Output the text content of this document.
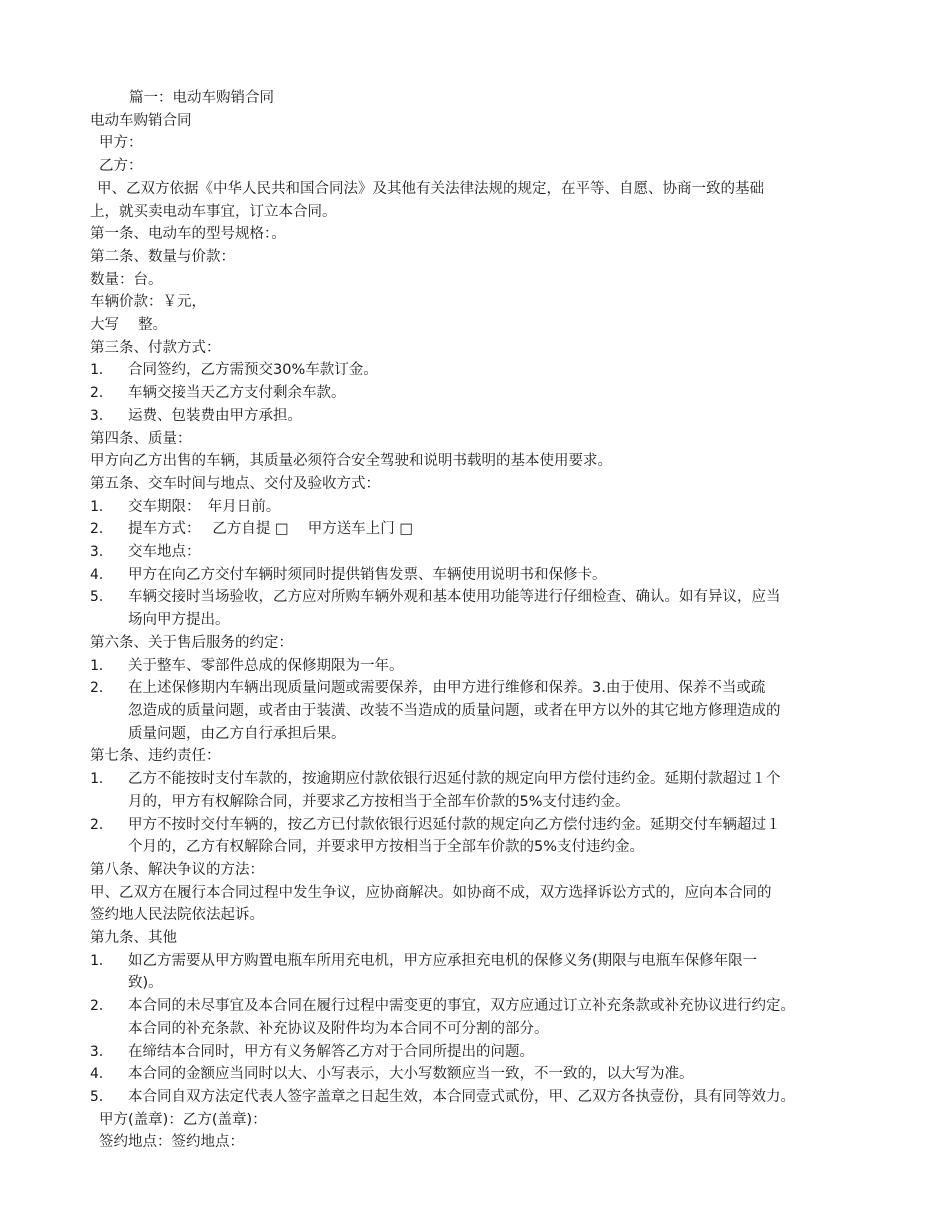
篇一：电动车购销合同
电动车购销合同
甲方：
乙方：
甲、乙双方依据《中华人民共和国合同法》及其他有关法律法规的规定，在平等、自愿、协商一致的基础
上，就买卖电动车事宜，订立本合同。
第一条、电动车的型号规格：。
第二条、数量与价款：
数量：台。
车辆价款：￥元，
大写　 整。
第三条、付款方式：
1．	合同签约，乙方需预交30%车款订金。
2．	车辆交接当天乙方支付剩余车款。
3．	运费、包装费由甲方承担。
第四条、质量：
甲方向乙方出售的车辆，其质量必须符合安全驾驶和说明书载明的基本使用要求。
第五条、交车时间与地点、交付及验收方式：
1．	交车期限：　年月日前。
2．	提车方式：　 乙方自提 □　 甲方送车上门 □
3．	交车地点：
4．	甲方在向乙方交付车辆时须同时提供销售发票、车辆使用说明书和保修卡。
5．	车辆交接时当场验收，乙方应对所购车辆外观和基本使用功能等进行仔细检查、确认。如有异议，应当
场向甲方提出。
第六条、关于售后服务的约定：
1．	关于整车、零部件总成的保修期限为一年。
2．	在上述保修期内车辆出现质量问题或需要保养，由甲方进行维修和保养。3.由于使用、保养不当或疏
忽造成的质量问题，或者由于装潢、改装不当造成的质量问题，或者在甲方以外的其它地方修理造成的
质量问题，由乙方自行承担后果。
第七条、违约责任：
1．	乙方不能按时支付车款的，按逾期应付款依银行迟延付款的规定向甲方偿付违约金。延期付款超过１个
月的，甲方有权解除合同，并要求乙方按相当于全部车价款的5%支付违约金。
2．	甲方不按时交付车辆的，按乙方已付款依银行迟延付款的规定向乙方偿付违约金。延期交付车辆超过１
个月的，乙方有权解除合同，并要求甲方按相当于全部车价款的5%支付违约金。
第八条、解决争议的方法：
甲、乙双方在履行本合同过程中发生争议，应协商解决。如协商不成，双方选择诉讼方式的，应向本合同的
签约地人民法院依法起诉。
第九条、其他
1．	如乙方需要从甲方购置电瓶车所用充电机，甲方应承担充电机的保修义务(期限与电瓶车保修年限一
致)。
2．	本合同的未尽事宜及本合同在履行过程中需变更的事宜，双方应通过订立补充条款或补充协议进行约定。
本合同的补充条款、补充协议及附件均为本合同不可分割的部分。
3．	在缔结本合同时，甲方有义务解答乙方对于合同所提出的问题。
4．	本合同的金额应当同时以大、小写表示，大小写数额应当一致，不一致的，以大写为准。
5．	本合同自双方法定代表人签字盖章之日起生效，本合同壹式贰份，甲、乙双方各执壹份，具有同等效力。
甲方(盖章)：乙方(盖章)：
签约地点：签约地点：
